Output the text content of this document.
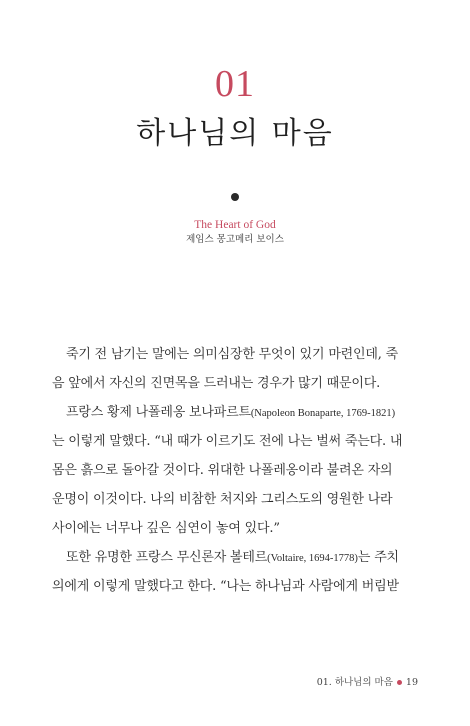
01
하나님의 마음
The Heart of God
제임스 몽고메리 보이스
죽기 전 남기는 말에는 의미심장한 무엇이 있기 마련인데, 죽
음 앞에서 자신의 진면목을 드러내는 경우가 많기 때문이다.
프랑스 황제 나폴레옹 보나파르트(Napoleon Bonaparte, 1769-1821)
는 이렇게 말했다. “내 때가 이르기도 전에 나는 벌써 죽는다. 내
몸은 흙으로 돌아갈 것이다. 위대한 나폴레옹이라 불려온 자의
운명이 이것이다. 나의 비참한 처지와 그리스도의 영원한 나라
사이에는 너무나 깊은 심연이 놓여 있다.”
또한 유명한 프랑스 무신론자 볼테르(Voltaire, 1694-1778)는 주치
의에게 이렇게 말했다고 한다. “나는 하나님과 사람에게 버림받
01. 하나님의 마음 19
